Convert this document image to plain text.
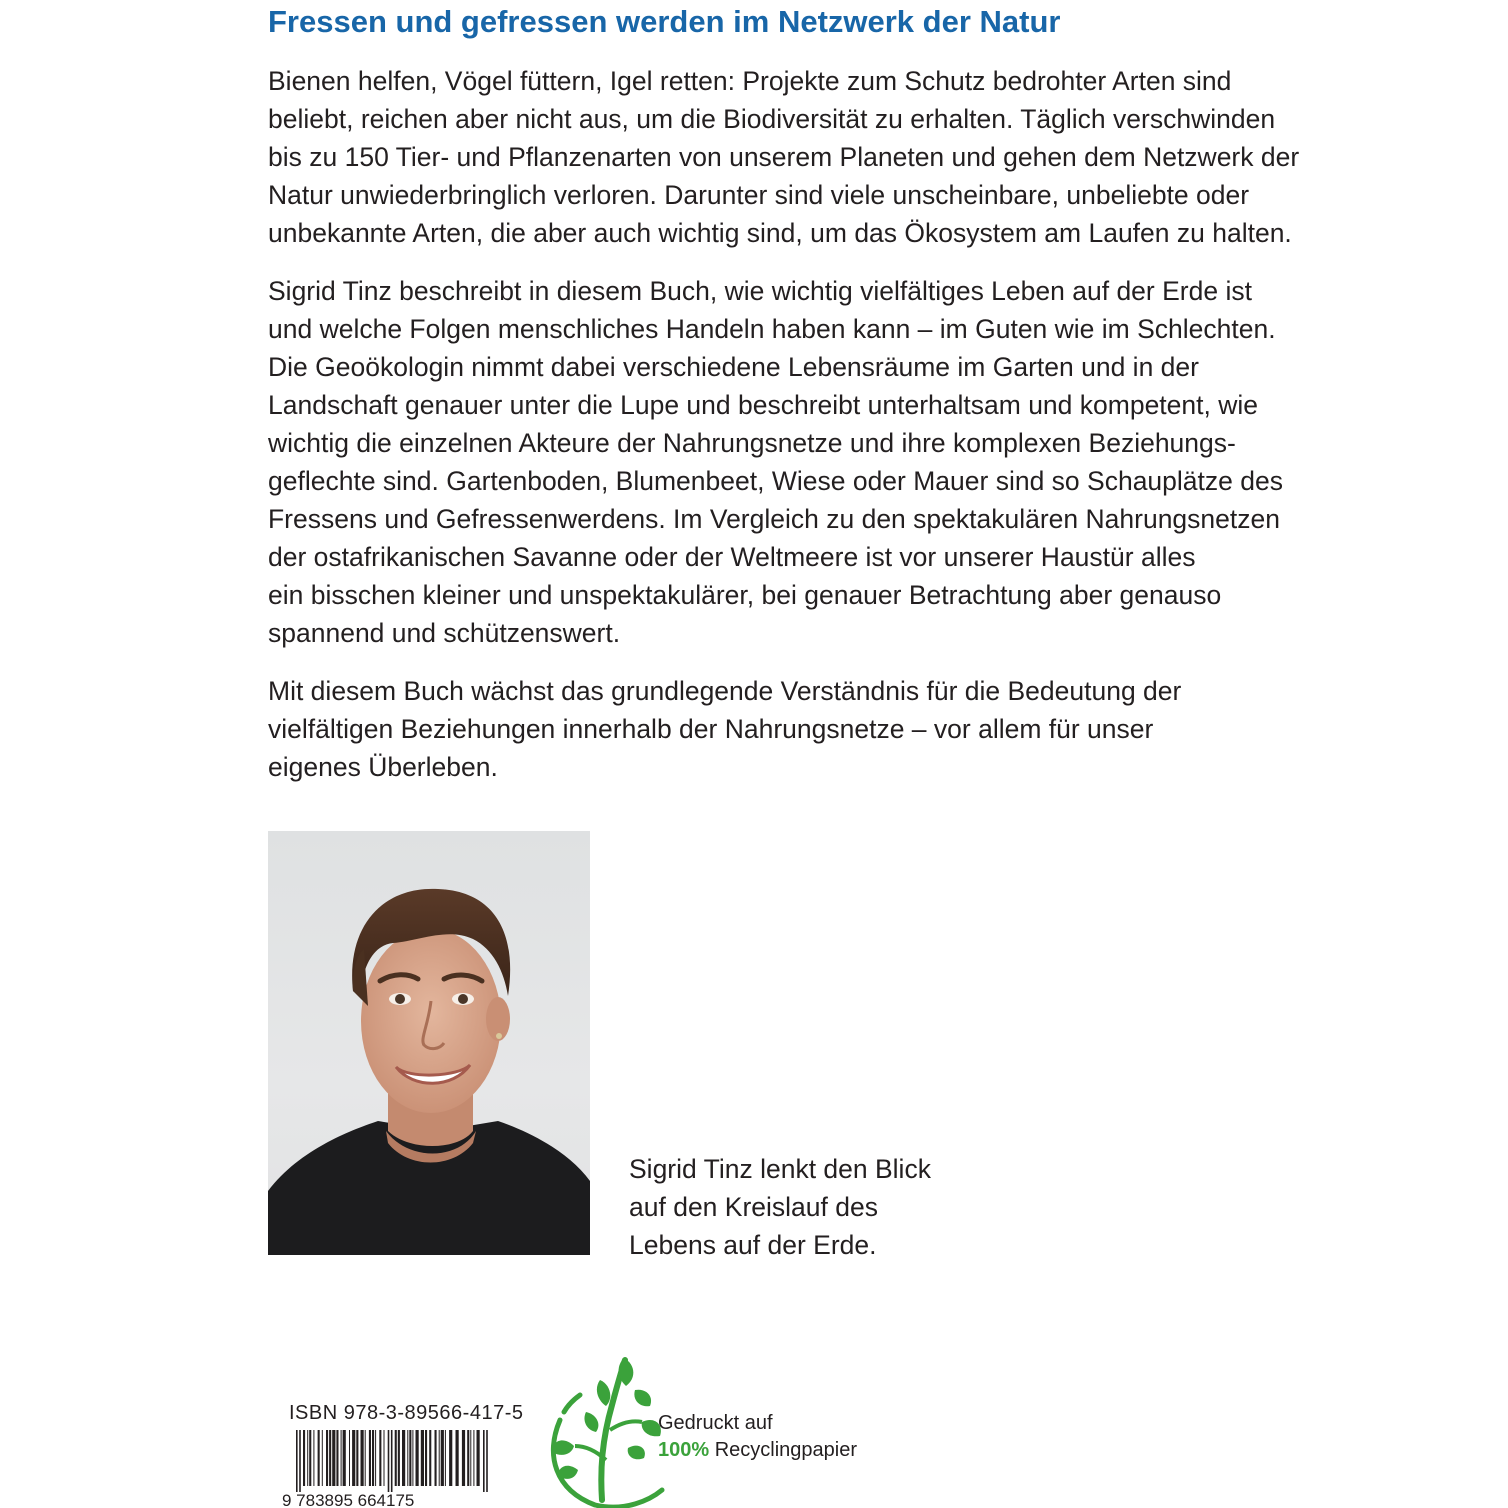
Fressen und gefressen werden im Netzwerk der Natur

Bienen helfen, Vögel füttern, Igel retten: Projekte zum Schutz bedrohter Arten sind
beliebt, reichen aber nicht aus, um die Biodiversität zu erhalten. Täglich verschwinden
bis zu 150 Tier- und Pflanzenarten von unserem Planeten und gehen dem Netzwerk der
Natur unwiederbringlich verloren. Darunter sind viele unscheinbare, unbeliebte oder
unbekannte Arten, die aber auch wichtig sind, um das Ökosystem am Laufen zu halten.

Sigrid Tinz beschreibt in diesem Buch, wie wichtig vielfältiges Leben auf der Erde ist
und welche Folgen menschliches Handeln haben kann – im Guten wie im Schlechten.
Die Geoökologin nimmt dabei verschiedene Lebensräume im Garten und in der
Landschaft genauer unter die Lupe und beschreibt unterhaltsam und kompetent, wie
wichtig die einzelnen Akteure der Nahrungsnetze und ihre komplexen Beziehungs-
geflechte sind. Gartenboden, Blumenbeet, Wiese oder Mauer sind so Schauplätze des
Fressens und Gefressenwerdens. Im Vergleich zu den spektakulären Nahrungsnetzen
der ostafrikanischen Savanne oder der Weltmeere ist vor unserer Haustür alles
ein bisschen kleiner und unspektakulärer, bei genauer Betrachtung aber genauso
spannend und schützenswert.

Mit diesem Buch wächst das grundlegende Verständnis für die Bedeutung der
vielfältigen Beziehungen innerhalb der Nahrungsnetze – vor allem für unser
eigenes Überleben.

Sigrid Tinz lenkt den Blick
auf den Kreislauf des
Lebens auf der Erde.
ISBN 978-3-89566-417-5
9 783895 664175
Gedruckt auf
100% Recyclingpapier
